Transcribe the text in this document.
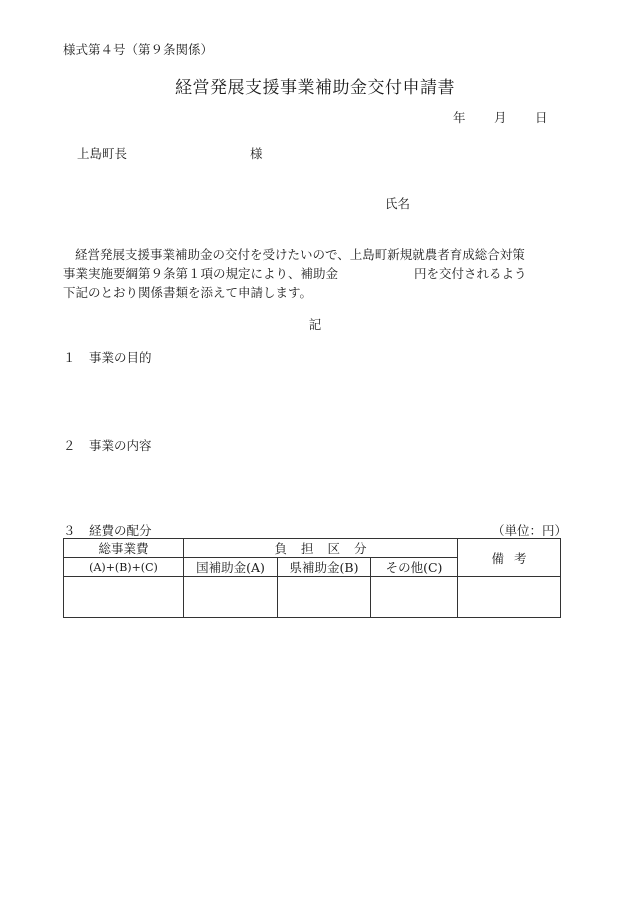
様式第４号（第９条関係）
経営発展支援事業補助金交付申請書
年 月 日
上島町長	様
氏名
経営発展支援事業補助金の交付を受けたいので、上島町新規就農者育成総合対策
事業実施要綱第９条第１項の規定により、補助金	円を交付されるよう
下記のとおり関係書類を添えて申請します。
記
１ 事業の目的
２ 事業の内容
３ 経費の配分	（単位：円）
総事業費	負担区分			備考
(A)+(B)+(C)	国補助金(A)	県補助金(B)	その他(C)	
